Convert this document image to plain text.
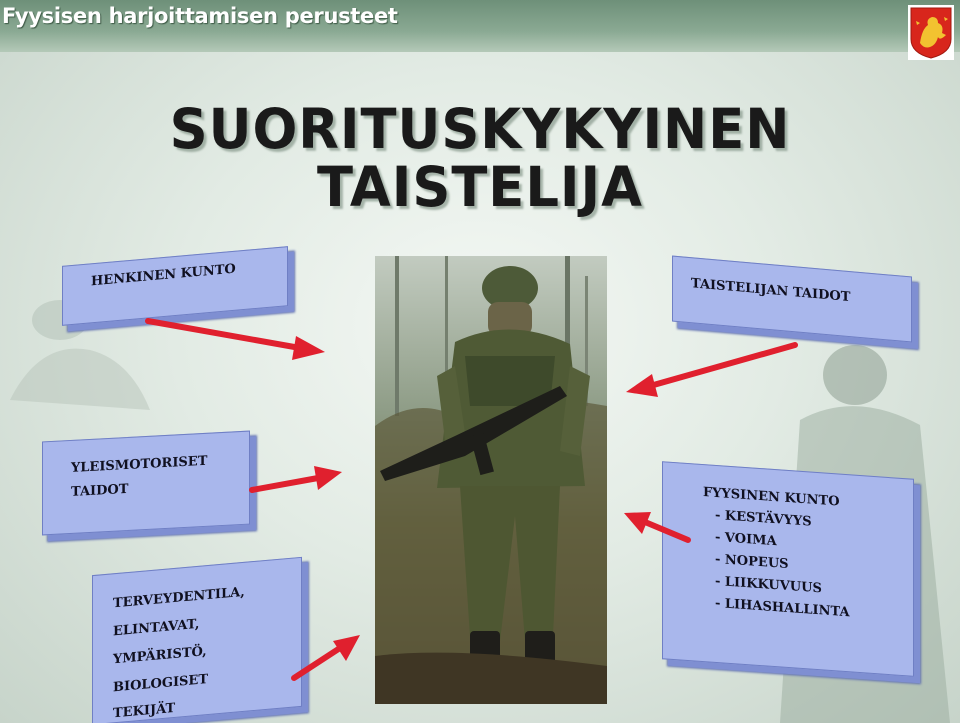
Fyysisen harjoittamisen perusteet
SUORITUSKYKYINEN
TAISTELIJA
HENKINEN KUNTO
TAISTELIJAN TAIDOT
YLEISMOTORISET
TAIDOT	FYYSINEN KUNTO
- KESTÄVYYS
- VOIMA
- NOPEUS
- LIIKKUVUUS
- LIHASHALLINTA
TERVEYDENTILA,
ELINTAVAT,
YMPÄRISTÖ,
BIOLOGISET
TEKIJÄT
